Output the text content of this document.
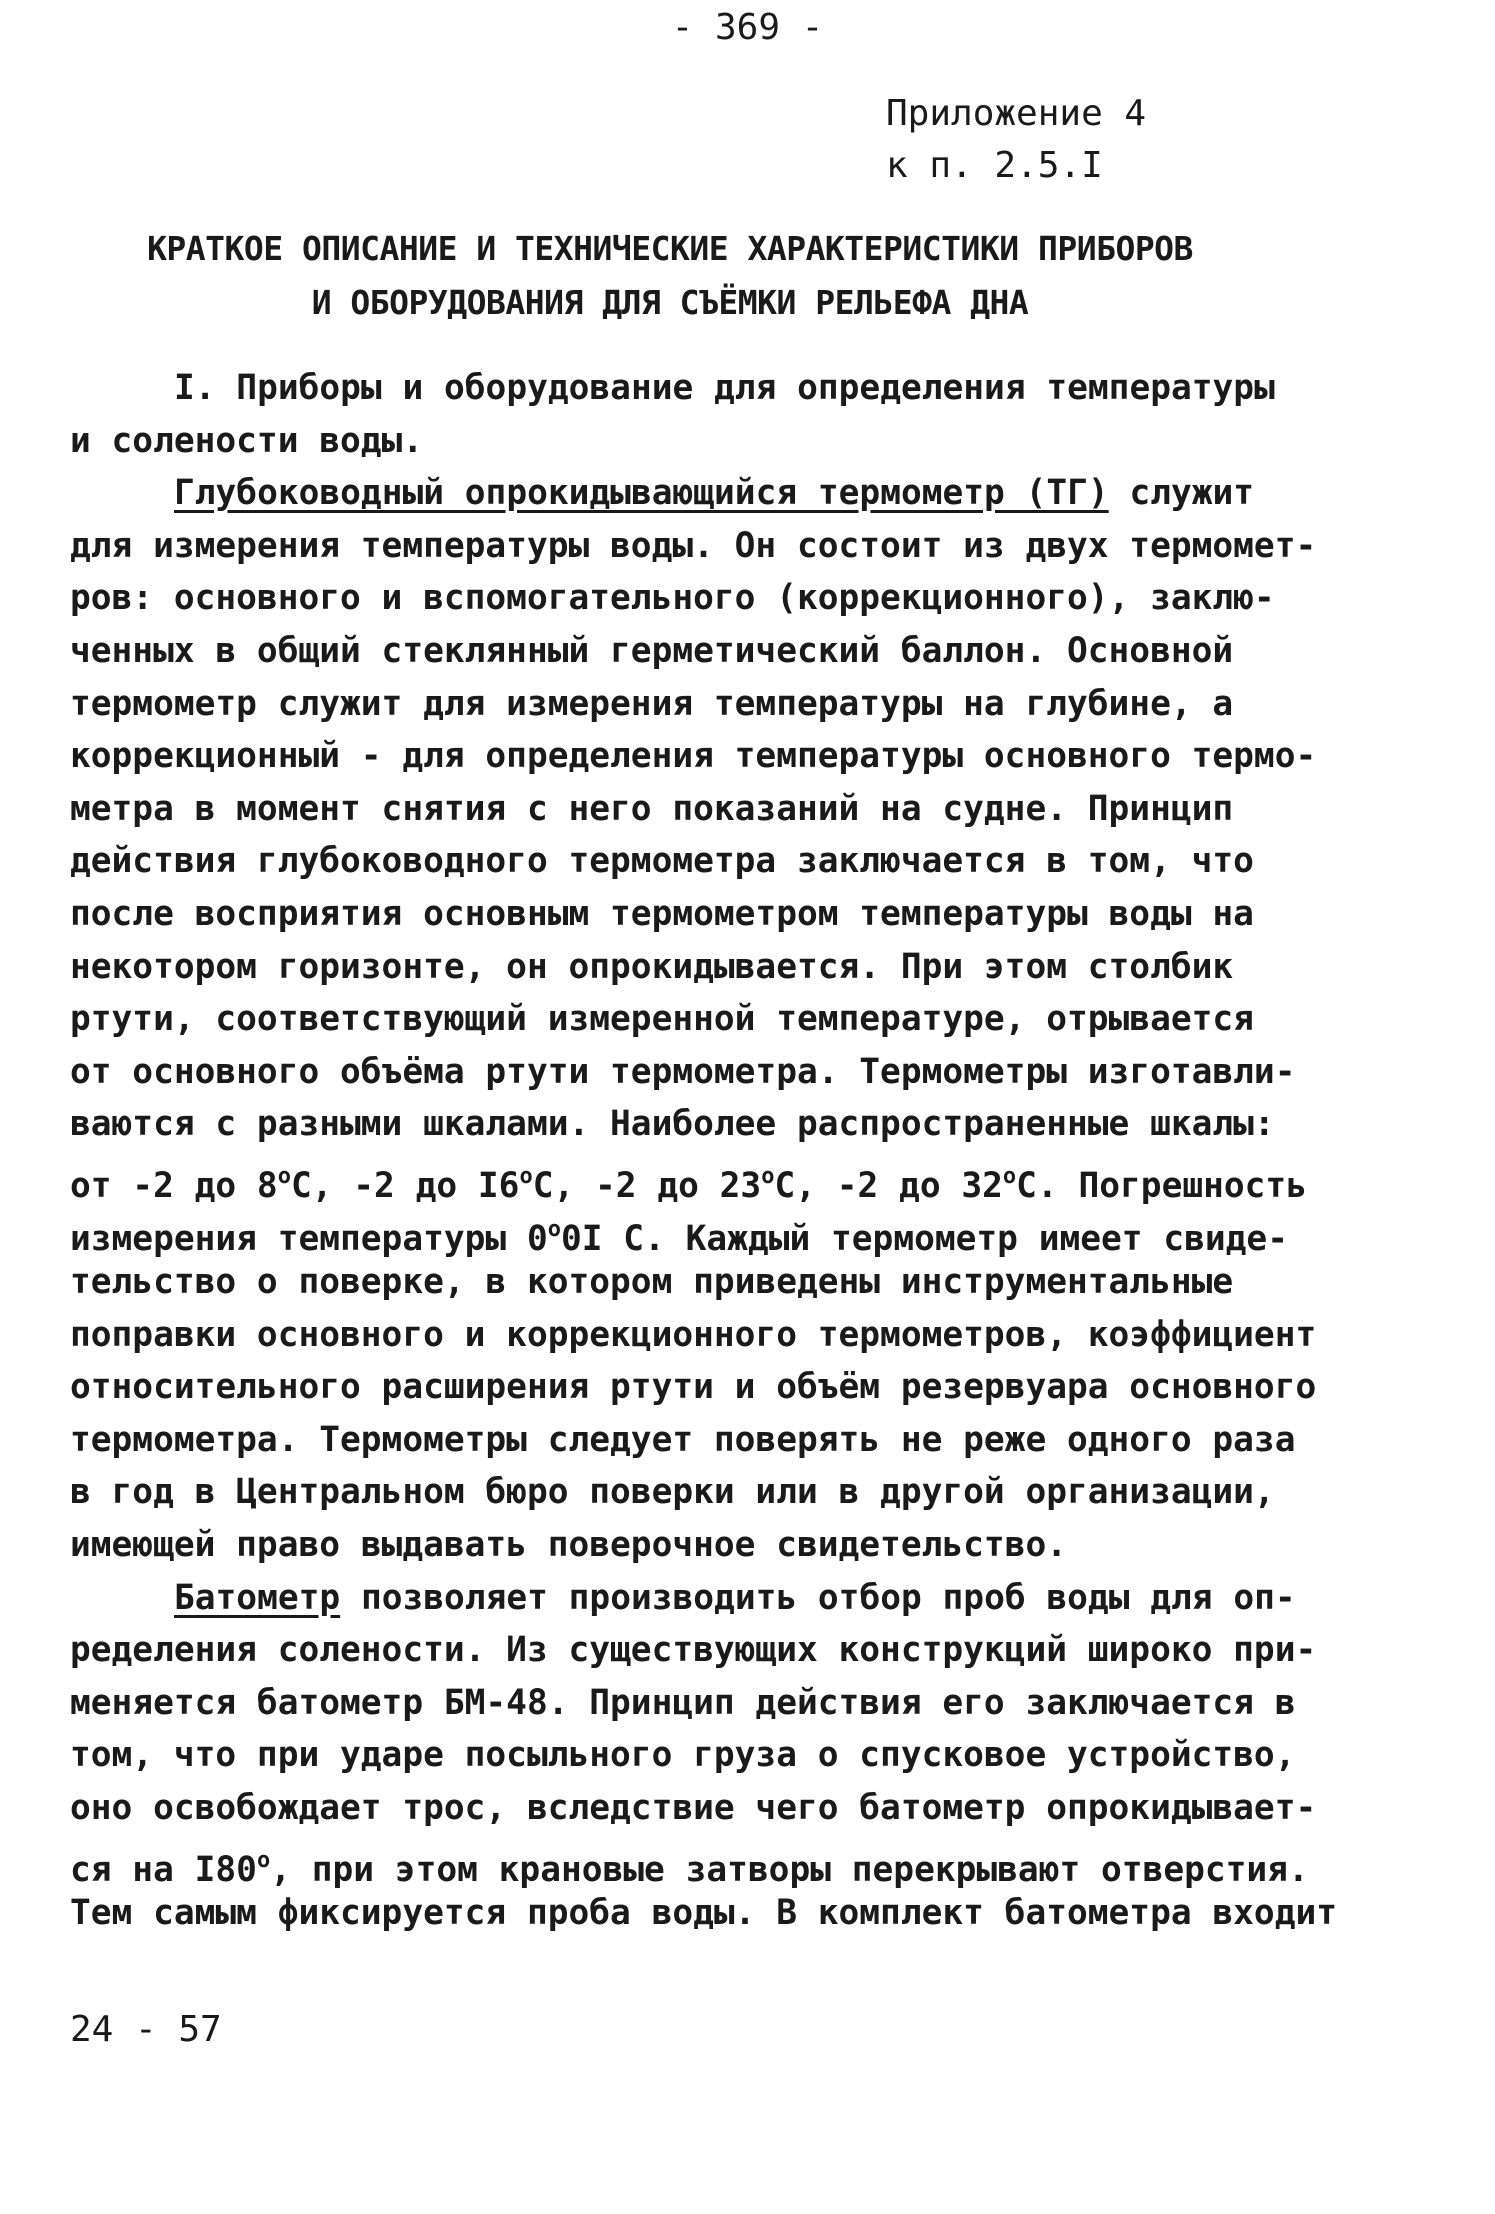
- 369 -
Приложение 4
к п. 2.5.I
КРАТКОЕ ОПИСАНИЕ И ТЕХНИЧЕСКИЕ ХАРАКТЕРИСТИКИ ПРИБОРОВ
И ОБОРУДОВАНИЯ ДЛЯ СЪЁМКИ РЕЛЬЕФА ДНА
I. Приборы и оборудование для определения температуры
и солености воды.
Глубоководный опрокидывающийся термометр (ТГ) служит
для измерения температуры воды. Он состоит из двух термомет-
ров: основного и вспомогательного (коррекционного), заклю-
ченных в общий стеклянный герметический баллон. Основной
термометр служит для измерения температуры на глубине, а
коррекционный - для определения температуры основного термо-
метра в момент снятия с него показаний на судне. Принцип
действия глубоководного термометра заключается в том, что
после восприятия основным термометром температуры воды на
некотором горизонте, он опрокидывается. При этом столбик
ртути, соответствующий измеренной температуре, отрывается
от основного объёма ртути термометра. Термометры изготавли-
ваются с разными шкалами. Наиболее распространенные шкалы:
от -2 до $8^оС$, -2 до $I6^оС$, -2 до $23^оС$, -2 до $32^оС$. Погрешность
измерения температуры $0^о0I$ С. Каждый термометр имеет свиде-
тельство о поверке, в котором приведены инструментальные
поправки основного и коррекционного термометров, коэффициент
относительного расширения ртути и объём резервуара основного
термометра. Термометры следует поверять не реже одного раза
в год в Центральном бюро поверки или в другой организации,
имеющей право выдавать поверочное свидетельство.
Батометр позволяет производить отбор проб воды для оп-
ределения солености. Из существующих конструкций широко при-
меняется батометр БМ-48. Принцип действия его заключается в
том, что при ударе посыльного груза о спусковое устройство,
оно освобождает трос, вследствие чего батометр опрокидывает-
ся на $I80^о$, при этом крановые затворы перекрывают отверстия.
Тем самым фиксируется проба воды. В комплект батометра входит
24 - 57
